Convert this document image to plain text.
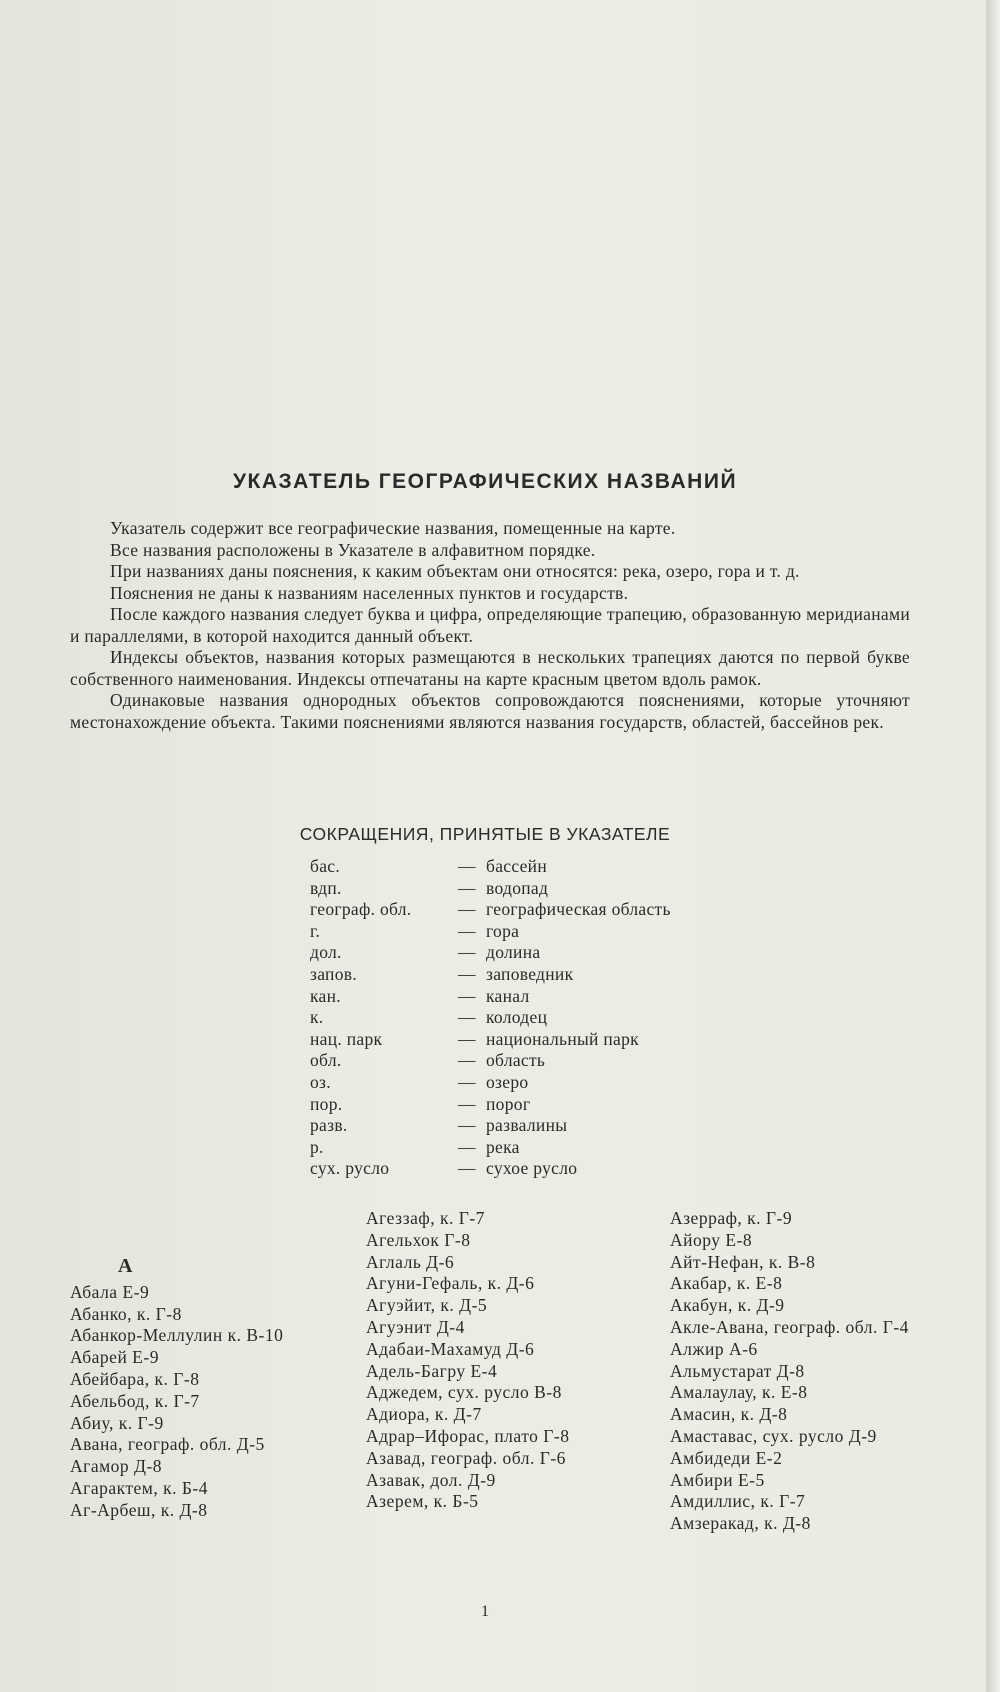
УКАЗАТЕЛЬ ГЕОГРАФИЧЕСКИХ НАЗВАНИЙ

Указатель содержит все географические названия, помещенные на карте.

Все названия расположены в Указателе в алфавитном порядке.

При названиях даны пояснения, к каким объектам они относятся: река, озеро, гора и т. д.

Пояснения не даны к названиям населенных пунктов и государств.

После каждого названия следует буква и цифра, определяющие трапецию, образованную меридианами и параллелями, в которой находится данный объект.

Индексы объектов, названия которых размещаются в нескольких трапециях даются по первой букве собственного наименования. Индексы отпечатаны на карте красным цветом вдоль рамок.

Одинаковые названия однородных объектов сопровождаются пояснениями, которые уточняют местонахождение объекта. Такими пояснениями являются названия государств, областей, бассейнов рек.

СОКРАЩЕНИЯ, ПРИНЯТЫЕ В УКАЗАТЕЛЕ
бас.	— бассейн
вдп.	— водопад
географ. обл.	— географическая область
г.	— гора
дол.	— долина
запов.	— заповедник
кан.	— канал
к.	— колодец
нац. парк	— национальный парк
обл.	— область
оз.	— озеро
пор.	— порог
разв.	— развалины
р.	— река
сух. русло	— сухое русло
А
Абала Е-9
Абанко, к. Г-8
Абанкор-Меллулин к. В-10
Абарей Е-9
Абейбара, к. Г-8
Абельбод, к. Г-7
Абиу, к. Г-9
Авана, географ. обл. Д-5
Агамор Д-8
Агарактем, к. Б-4
Аг-Арбеш, к. Д-8
Агеззаф, к. Г-7
Агельхок Г-8
Аглаль Д-6
Агуни-Гефаль, к. Д-6
Агуэйит, к. Д-5
Агуэнит Д-4
Адабаи-Махамуд Д-6
Адель-Багру Е-4
Аджедем, сух. русло В-8
Адиора, к. Д-7
Адрар–Ифорас, плато Г-8
Азавад, географ. обл. Г-6
Азавак, дол. Д-9
Азерем, к. Б-5
Азерраф, к. Г-9
Айору Е-8
Айт-Нефан, к. В-8
Акабар, к. Е-8
Акабун, к. Д-9
Акле-Авана, географ. обл. Г-4
Алжир А-6
Альмустарат Д-8
Амалаулау, к. Е-8
Амасин, к. Д-8
Амаставас, сух. русло Д-9
Амбидеди Е-2
Амбири Е-5
Амдиллис, к. Г-7
Амзеракад, к. Д-8
1
